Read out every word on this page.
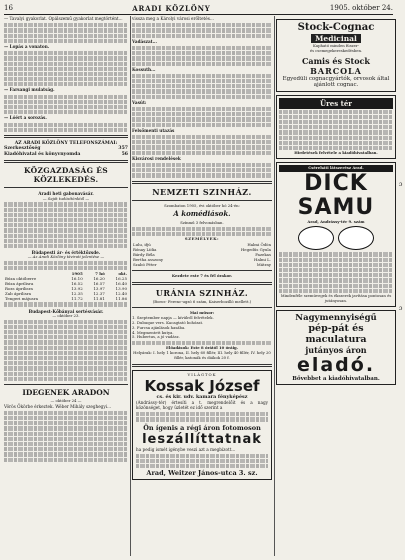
16	ARADI KÖZLÖNY	1905. október 24.

— Tavalyi gyakorlat. Opálszemű gyakorlat megtörtént...

— Lopás a vonaton.

— Farsangi mulatság.

— Lóért a sorozás.

AZ ARADI KÖZLÖNY TELEFONSZÁMAI:
Szerkesztőség	357
Kiadóhivatal és könyvnyomda	56
KÖZGAZDASÁG ÉS KÖZLEKEDÉS.
Aradi heti gabonavásár.
— Saját tudósítónktól —
Búdapesti ár- és értéktőzsde.
— Az Aradi Közlöny távirati jelentése —
	1905	7 hó	okt.
Búza októberre	16.10	16.20	16.25
Búza áprilisra	16.52	16.57	16.40
Rozs áprilisra	13.92	13.97	13.90
Zab áprilisra	12.35	12.37	12.40
Tengeri májusra	11.72	11.81	11.86
Budapest-Kőbányai sertésvásár.
— október 23.
IDEGENEK ARADON
— október 24 —

Vörös Ökörbe érkeztek. Wéber Mihály szeghegyi...

vissza meg a Károlyi városi erőltetés...

Vadászat...

Kossuth...

Vasút:

Felsőmenti utazás

Kisvárosi rendelések

NEMZETI SZINHÁZ.
Szombaton 1905, évi október hó 24-én:
A komédiások.
Színmű 3 felvonásban.
SZEMÉLYEK:
Lulu, ifjú	Halmi Ödön
Rónay Lídia	Hegedűs Gyula
Bárdy Béla	Fazekas
Bertha asszony	Halmi L.
Szabó Péter	Mátray
Kezdete este 7 és fél órakor.
URÁNIA SZINHÁZ.
(Boros- Ferenc-ugzó 6 szám, Kaiserbozilló mellett.)
Mai műsor:
1. Szeptember napja — kívülről felvételek.
2. Dubuque vers. Kacagtató bohózat.
3. Furcsa ajánlások hasába.
4. Megmentett kutya.
5. Hubertus, a jó vadász.
Előadások: Este 8 órától 10 óráig.
Helyárak: I. hely 1 korona, II. hely 60 fillér, III. hely 40 fillér, IV. hely 20 fillér, katonák és diákok 20 f.
VILÁGTOK
Kossak József
cs. és kir. udv. kamara fényképész

(Andrássy-tér) értesíti a t. megrendelőit és a nagy közönséget, hogy üzletét ez idő szerint a

Ön ígenis a régi áron fotomoson
leszállíttatnak

ha pedig ismét igénybe veszi azt a megbízott...

Arad, Weitzer János-utca 3. sz.
Stock-Cognac
Medicinal
Kapható minden füszer-
és csemegekereskedésben.
Camis és Stock
BARCOLA
Egyedüli cognacgyártók, orvosok által ajánlott cognac.
Üres tér
Hirdetések felvétele a kiadóhivatalban.
Cséreháti látszerész Arad.
DICK SAMU
Arad, Andrássy-tér 9. szám
Mindenféle szemüvegek és ékszerek javítása pontosan és jutányosan.
Nagymennyiségű
pép-pát és maculatura
jutányos áron
eladó.
Bővebbet a kiadóhivatalban.
ɔ
ɔ
